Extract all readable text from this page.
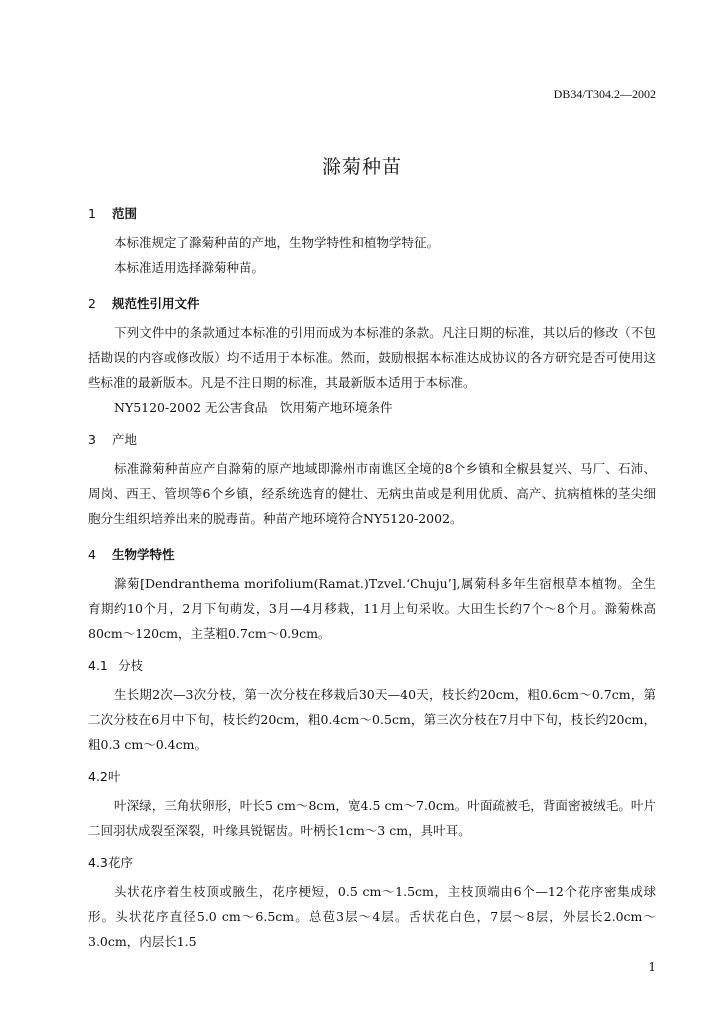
DB34/T304.2—2002
滁菊种苗
1 范围

本标准规定了滁菊种苗的产地，生物学特性和植物学特征。

本标准适用选择滁菊种苗。

2 规范性引用文件

下列文件中的条款通过本标准的引用而成为本标准的条款。凡注日期的标准，其以后的修改（不包括勘误的内容或修改版）均不适用于本标准。然而，鼓励根据本标准达成协议的各方研究是否可使用这些标准的最新版本。凡是不注日期的标准，其最新版本适用于本标准。

NY5120-2002 无公害食品　饮用菊产地环境条件

3 产地

标准滁菊种苗应产自滁菊的原产地域即滁州市南谯区全境的8个乡镇和全椒县复兴、马厂、石沛、周岗、西王、管坝等6个乡镇，经系统选育的健壮、无病虫苗或是利用优质、高产、抗病植株的茎尖细胞分生组织培养出来的脱毒苗。种苗产地环境符合NY5120-2002。

4 生物学特性

滁菊[Dendranthema morifolium(Ramat.)Tzvel.‘Chuju’],属菊科多年生宿根草本植物。全生育期约10个月，2月下旬萌发，3月—4月移栽，11月上旬采收。大田生长约7个～8个月。滁菊株高80cm～120cm，主茎粗0.7cm～0.9cm。

4.1 分枝

生长期2次—3次分枝，第一次分枝在移栽后30天—40天，枝长约20cm，粗0.6cm～0.7cm，第二次分枝在6月中下旬，枝长约20cm，粗0.4cm～0.5cm，第三次分枝在7月中下旬，枝长约20cm，粗0.3 cm～0.4cm。

4.2叶

叶深绿，三角状卵形，叶长5 cm～8cm，宽4.5 cm～7.0cm。叶面疏被毛，背面密被绒毛。叶片二回羽状成裂至深裂，叶缘具锐锯齿。叶柄长1cm～3 cm，具叶耳。

4.3花序

头状花序着生枝顶或腋生，花序梗短，0.5 cm～1.5cm，主枝顶端由6个—12个花序密集成球形。头状花序直径5.0 cm～6.5cm。总苞3层～4层。舌状花白色，7层～8层，外层长2.0cm～3.0cm，内层长1.5

1
